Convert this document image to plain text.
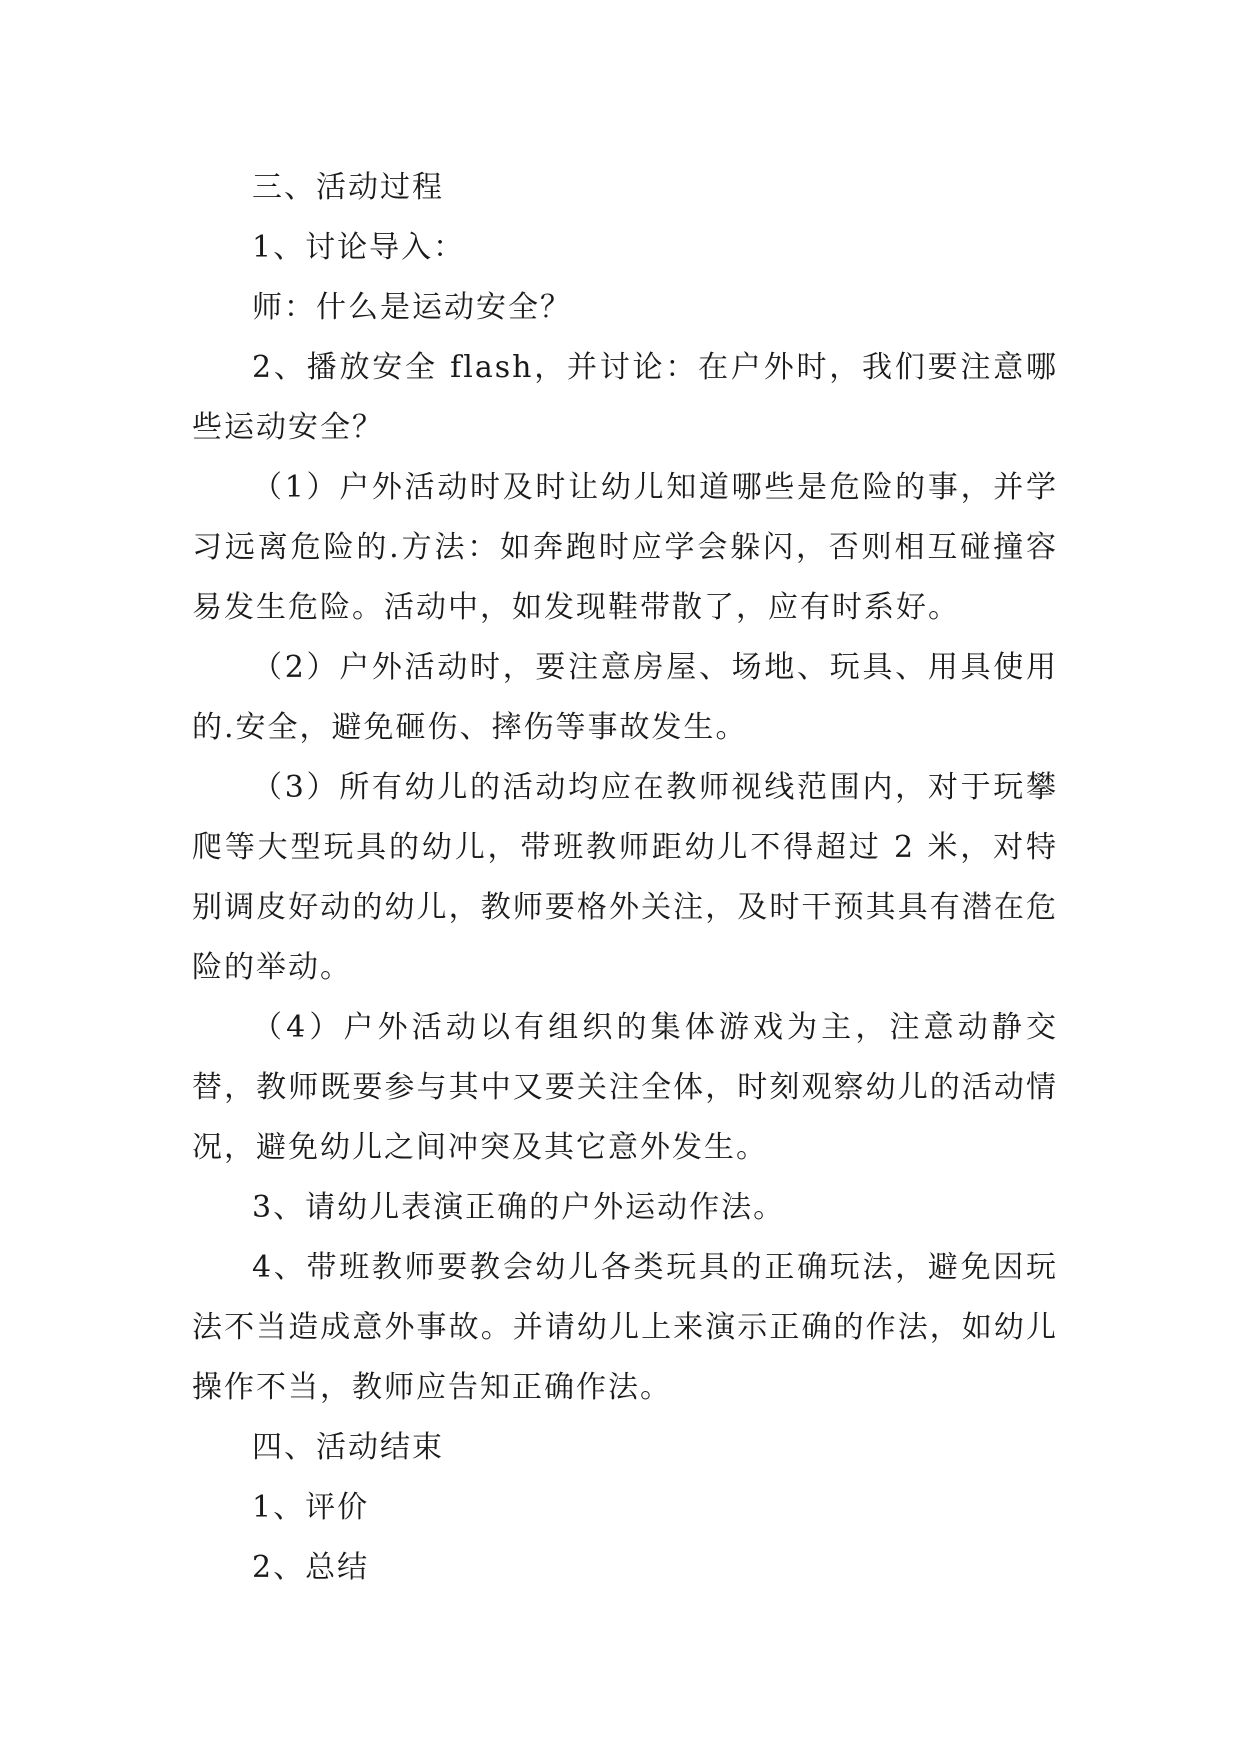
三、活动过程

1、讨论导入：

师：什么是运动安全？

2、播放安全 flash，并讨论：在户外时，我们要注意哪些运动安全？

（1）户外活动时及时让幼儿知道哪些是危险的事，并学习远离危险的.方法：如奔跑时应学会躲闪，否则相互碰撞容易发生危险。活动中，如发现鞋带散了，应有时系好。

（2）户外活动时，要注意房屋、场地、玩具、用具使用的.安全，避免砸伤、摔伤等事故发生。

（3）所有幼儿的活动均应在教师视线范围内，对于玩攀爬等大型玩具的幼儿，带班教师距幼儿不得超过 2 米，对特别调皮好动的幼儿，教师要格外关注，及时干预其具有潜在危险的举动。

（4）户外活动以有组织的集体游戏为主，注意动静交替，教师既要参与其中又要关注全体，时刻观察幼儿的活动情况，避免幼儿之间冲突及其它意外发生。

3、请幼儿表演正确的户外运动作法。

4、带班教师要教会幼儿各类玩具的正确玩法，避免因玩法不当造成意外事故。并请幼儿上来演示正确的作法，如幼儿操作不当，教师应告知正确作法。

四、活动结束

1、评价

2、总结
